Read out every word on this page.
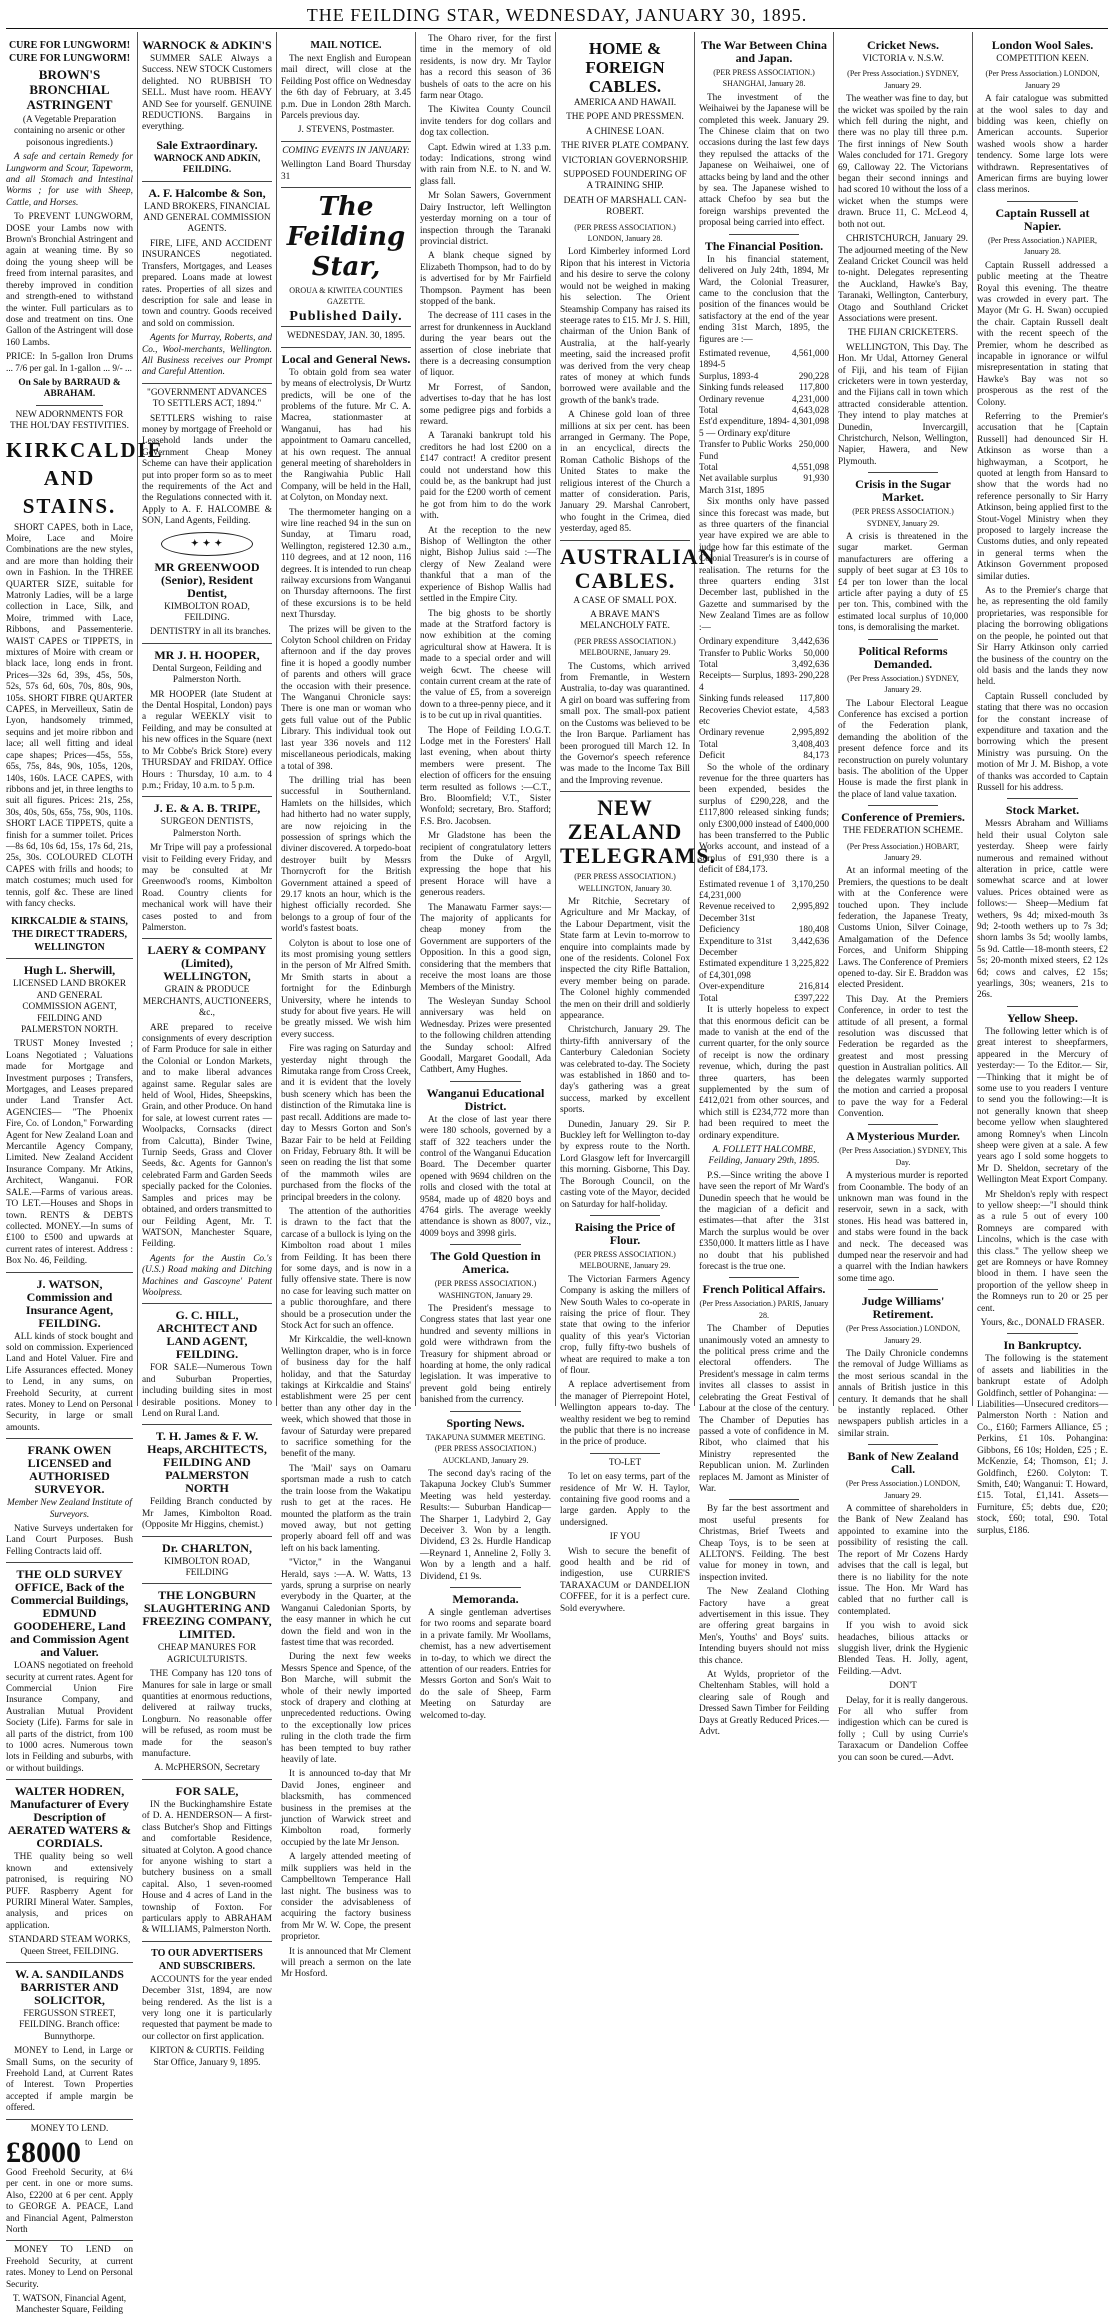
THE FEILDING STAR, WEDNESDAY, JANUARY 30, 1895.

CURE FOR LUNGWORM! CURE FOR LUNGWORM!

BROWN'S BRONCHIAL ASTRINGENT

(A Vegetable Preparation containing no arsenic or other poisonous ingredients.)

A safe and certain Remedy for Lungworm and Scour, Tapeworm, and all Stomach and Intestinal Worms ; for use with Sheep, Cattle, and Horses.

To PREVENT LUNGWORM, DOSE your Lambs now with Brown's Bronchial Astringent and again at weaning time. By so doing the young sheep will be freed from internal parasites, and thereby improved in condition and strength-ened to withstand the winter. Full particulars as to dose and treatment on tins. One Gallon of the Astringent will dose 160 Lambs.

PRICE: In 5-gallon Iron Drums ... 7/6 per gal. In 1-gallon ... 9/- ...

On Sale by BARRAUD & ABRAHAM.

NEW ADORNMENTS FOR THE HOL'DAY FESTIVITIES.

KIRKCALDIE AND STAINS.

SHORT CAPES, both in Lace, Moire, Lace and Moire Combinations are the new styles, and are more than holding their own in Fashion. In the THREE QUARTER SIZE, suitable for Matronly Ladies, will be a large collection in Lace, Silk, and Moire, trimmed with Lace, Ribbons, and Passementerie. WAIST CAPES or TIPPETS, in mixtures of Moire with cream or black lace, long ends in front. Prices—32s 6d, 39s, 45s, 50s, 52s, 57s 6d, 60s, 70s, 80s, 90s, 105s. SHORT FIBRE QUARTER CAPES, in Merveilleux, Satin de Lyon, handsomely trimmed, sequins and jet moire ribbon and lace; all well fitting and ideal cape shapes; Prices—45s, 55s, 65s, 75s, 84s, 90s, 105s, 120s, 140s, 160s. LACE CAPES, with ribbons and jet, in three lengths to suit all figures. Prices: 21s, 25s, 30s, 40s, 50s, 65s, 75s, 90s, 110s. SHORT LACE TIPPETS, quite a finish for a summer toilet. Prices—8s 6d, 10s 6d, 15s, 17s 6d, 21s, 25s, 30s. COLOURED CLOTH CAPES with frills and hoods; to match costumes; much used for tennis, golf &c. These are lined with fancy checks.

KIRKCALDIE & STAINS, THE DIRECT TRADERS, WELLINGTON

Hugh L. Sherwill,

LICENSED LAND BROKER AND GENERAL COMMISSION AGENT, FEILDING AND PALMERSTON NORTH.

TRUST Money Invested ; Loans Negotiated ; Valuations made for Mortgage and Investment purposes ; Transfers, Mortgages, and Leases prepared under Land Transfer Act. AGENCIES— "The Phoenix Fire, Co. of London," Forwarding Agent for New Zealand Loan and Mercantile Agency Company, Limited. New Zealand Accident Insurance Company. Mr Atkins, Architect, Wanganui. FOR SALE.—Farms of various areas. TO LET.—Houses and Shops in town. RENTS & DEBTS collected. MONEY.—In sums of £100 to £500 and upwards at current rates of interest. Address : Box No. 46, Feilding.

J. WATSON, Commission and Insurance Agent, FEILDING.

ALL kinds of stock bought and sold on commission. Experienced Land and Hotel Valuer. Fire and Life Assurances effected. Money to Lend, in any sums, on Freehold Security, at current rates. Money to Lend on Personal Security, in large or small amounts.

FRANK OWEN LICENSED and AUTHORISED SURVEYOR.

Member New Zealand Institute of Surveyors.

Native Surveys undertaken for Land Court Purposes. Bush Felling Contracts laid off.

THE OLD SURVEY OFFICE, Back of the Commercial Buildings, EDMUND GOODEHERE, Land and Commission Agent and Valuer.

LOANS negotiated on freehold security at current rates. Agent for Commercial Union Fire Insurance Company, and Australian Mutual Provident Society (Life). Farms for sale in all parts of the district, from 100 to 1000 acres. Numerous town lots in Feilding and suburbs, with or without buildings.

WALTER HODREN, Manufacturer of Every Description of AERATED WATERS & CORDIALS.

THE quality being so well known and extensively patronised, is requiring NO PUFF. Raspberry Agent for PURIRI Mineral Water. Samples, analysis, and prices on application.

STANDARD STEAM WORKS, Queen Street, FEILDING.

W. A. SANDILANDS BARRISTER AND SOLICITOR,

FERGUSSON STREET, FEILDING. Branch office: Bunnythorpe.

MONEY to Lend, in Large or Small Sums, on the security of Freehold Land, at Current Rates of Interest. Town Properties accepted if ample margin be offered.

MONEY TO LEND.

£8000 to Lend on Good Freehold Security, at 6¼ per cent. in one or more sums. Also, £2200 at 6 per cent. Apply to GEORGE A. PEACE, Land and Financial Agent, Palmerston North

MONEY TO LEND on Freehold Security, at current rates. Money to Lend on Personal Security.

T. WATSON, Financial Agent, Manchester Square, Feilding

WARNOCK & ADKIN'S

SUMMER SALE Always a Success. NEW STOCK Customers delighted. NO RUBBISH TO SELL. Must have room. HEAVY AND See for yourself. GENUINE REDUCTIONS. Bargains in everything.

Sale Extraordinary.

WARNOCK AND ADKIN, FEILDING.

A. F. Halcombe & Son,

LAND BROKERS, FINANCIAL AND GENERAL COMMISSION AGENTS.

FIRE, LIFE, AND ACCIDENT INSURANCES negotiated. Transfers, Mortgages, and Leases prepared. Loans made at lowest rates. Properties of all sizes and description for sale and lease in town and country. Goods received and sold on commission.

Agents for Murray, Roberts, and Co., Wool-merchants, Wellington. All Business receives our Prompt and Careful Attention.

"GOVERNMENT ADVANCES TO SETTLERS ACT, 1894."

SETTLERS wishing to raise money by mortgage of Freehold or Leasehold lands under the Government Cheap Money Scheme can have their application put into proper form so as to meet the requirements of the Act and the Regulations connected with it. Apply to A. F. HALCOMBE & SON, Land Agents, Feilding.

✦ ✦ ✦

MR GREENWOOD (Senior), Resident Dentist,

KIMBOLTON ROAD, FEILDING.

DENTISTRY in all its branches.

MR J. H. HOOPER,

Dental Surgeon, Feilding and Palmerston North.

MR HOOPER (late Student at the Dental Hospital, London) pays a regular WEEKLY visit to Feilding, and may be consulted at his new offices in the Square (next to Mr Cobbe's Brick Store) every THURSDAY and FRIDAY. Office Hours : Thursday, 10 a.m. to 4 p.m.; Friday, 10 a.m. to 5 p.m.

J. E. & A. B. TRIPE,

SURGEON DENTISTS, Palmerston North.

Mr Tripe will pay a professional visit to Feilding every Friday, and may be consulted at Mr Greenwood's rooms, Kimbolton Road. Country clients for mechanical work will have their cases posted to and from Palmerston.

LAERY & COMPANY (Limited), WELLINGTON,

GRAIN & PRODUCE MERCHANTS, AUCTIONEERS, &c.,

ARE prepared to receive consignments of every description of Farm Produce for sale in either the Colonial or London Markets, and to make liberal advances against same. Regular sales are held of Wool, Hides, Sheepskins, Grain, and other Produce. On hand for sale, at lowest current rates — Woolpacks, Cornsacks (direct from Calcutta), Binder Twine, Turnip Seeds, Grass and Clover Seeds, &c. Agents for Gannon's celebrated Farm and Garden Seeds specially packed for the Colonies. Samples and prices may be obtained, and orders transmitted to our Feilding Agent, Mr. T. WATSON, Manchester Square, Feilding.

Agents for the Austin Co.'s (U.S.) Road making and Ditching Machines and Gascoyne' Patent Woolpress.

G. C. HILL, ARCHITECT AND LAND AGENT, FEILDING.

FOR SALE—Numerous Town and Suburban Properties, including building sites in most desirable positions. Money to Lend on Rural Land.

T. H. James & F. W. Heaps, ARCHITECTS, FEILDING AND PALMERSTON NORTH

Feilding Branch conducted by Mr James, Kimbolton Road. (Opposite Mr Higgins, chemist.)

Dr. CHARLTON,

KIMBOLTON ROAD, FEILDING

THE LONGBURN SLAUGHTERING AND FREEZING COMPANY, LIMITED.

CHEAP MANURES FOR AGRICULTURISTS.

THE Company has 120 tons of Manures for sale in large or small quantities at enormous reductions, delivered at railway trucks, Longburn. No reasonable offer will be refused, as room must be made for the season's manufacture.

A. McPHERSON, Secretary

FOR SALE,

IN the Buckinghamshire Estate of D. A. HENDERSON— A first-class Butcher's Shop and Fittings and comfortable Residence, situated at Colyton. A good chance for anyone wishing to start a butchery business on a small capital. Also, 1 seven-roomed House and 4 acres of Land in the township of Foxton. For particulars apply to ABRAHAM & WILLIAMS, Palmerston North.

TO OUR ADVERTISERS AND SUBSCRIBERS.

ACCOUNTS for the year ended December 31st, 1894, are now being rendered. As the list is a very long one it is particularly requested that payment be made to our collector on first application.

KIRTON & CURTIS. Feilding Star Office, January 9, 1895.

MAIL NOTICE.

The next English and European mail direct, will close at the Feilding Post office on Wednesday the 6th day of February, at 3.45 p.m. Due in London 28th March. Parcels previous day.

J. STEVENS, Postmaster.

COMING EVENTS IN JANUARY:

Wellington Land Board Thursday 31

The Feilding Star,

OROUA & KIWITEA COUNTIES GAZETTE.

Published Daily.

WEDNESDAY, JAN. 30, 1895.

Local and General News.

To obtain gold from sea water by means of electrolysis, Dr Wurtz predicts, will be one of the problems of the future. Mr C. A. Macrea, stationmaster at Wanganui, has had his appointment to Oamaru cancelled, at his own request. The annual general meeting of shareholders in the Rangiwahia Public Hall Company, will be held in the Hall, at Colyton, on Monday next.

The thermometer hanging on a wire line reached 94 in the sun on Sunday, at Timaru road, Wellington, registered 12.30 a.m., 110 degrees, and at 12 noon, 116 degrees. It is intended to run cheap railway excursions from Wanganui on Thursday afternoons. The first of these excursions is to be held next Thursday.

The prizes will be given to the Colyton School children on Friday afternoon and if the day proves fine it is hoped a goodly number of parents and others will grace the occasion with their presence. The Wanganui Chronicle says: There is one man or woman who gets full value out of the Public Library. This individual took out last year 336 novels and 112 miscellaneous periodicals, making a total of 398.

The drilling trial has been successful in Southernland. Hamlets on the hillsides, which had hitherto had no water supply, are now rejoicing in the possession of springs which the diviner discovered. A torpedo-boat destroyer built by Messrs Thornycroft for the British Government attained a speed of 29.17 knots an hour, which is the highest officially recorded. She belongs to a group of four of the world's fastest boats.

Colyton is about to lose one of its most promising young settlers in the person of Mr Alfred Smith. Mr Smith starts in about a fortnight for the Edinburgh University, where he intends to study for about five years. He will be greatly missed. We wish him every success.

Fire was raging on Saturday and yesterday night through the Rimutaka range from Cross Creek, and it is evident that the lovely bush scenery which has been the distinction of the Rimutaka line is past recall. Additions are made to-day to Messrs Gorton and Son's Bazar Fair to be held at Feilding on Friday, February 8th. It will be seen on reading the list that some of the mammoth wiles are purchased from the flocks of the principal breeders in the colony.

The attention of the authorities is drawn to the fact that the carcase of a bullock is lying on the Kimbolton road about 1 miles from Feilding. It has been there for some days, and is now in a fully offensive state. There is now no case for leaving such matter on a public thoroughfare, and there should be a prosecution under the Stock Act for such an offence.

Mr Kirkcaldie, the well-known Wellington draper, who is in force of business day for the half holiday, and that the Saturday takings at Kirkcaldie and Stains' establishment were 25 per cent better than any other day in the week, which showed that those in favour of Saturday were prepared to sacrifice something for the benefit of the many.

The 'Mail' says on Oamaru sportsman made a rush to catch the train loose from the Wakatipu rush to get at the races. He mounted the platform as the train moved away, but not getting properly aboard fell off and was left on his back lamenting.

"Victor," in the Wanganui Herald, says :—A. W. Watts, 13 yards, sprung a surprise on nearly everybody in the Quarter, at the Wanganui Caledonian Sports, by the easy manner in which he cut down the field and won in the fastest time that was recorded.

During the next few weeks Messrs Spence and Spence, of the Bon Marche, will submit the whole of their newly imported stock of drapery and clothing at unprecedented reductions. Owing to the exceptionally low prices ruling in the cloth trade the firm has been tempted to buy rather heavily of late.

It is announced to-day that Mr David Jones, engineer and blacksmith, has commenced business in the premises at the junction of Warwick street and Kimbolton road, formerly occupied by the late Mr Jenson.

A largely attended meeting of milk suppliers was held in the Campbelltown Temperance Hall last night. The business was to consider the advisableness of acquiring the factory business from Mr W. W. Cope, the present proprietor.

It is announced that Mr Clement will preach a sermon on the late Mr Hosford.

The Oharo river, for the first time in the memory of old residents, is now dry. Mr Taylor has a record this season of 36 bushels of oats to the acre on his farm near Otago.

The Kiwitea County Council invite tenders for dog collars and dog tax collection.

Capt. Edwin wired at 1.33 p.m. today: Indications, strong wind with rain from N.E. to N. and W. glass fall.

Mr Solan Sawers, Government Dairy Instructor, left Wellington yesterday morning on a tour of inspection through the Taranaki provincial district.

A blank cheque signed by Elizabeth Thompson, had to do by is advertised for by Mr Fairfield Thompson. Payment has been stopped of the bank.

The decrease of 111 cases in the arrest for drunkenness in Auckland during the year bears out the assertion of close inebriate that there is a decreasing consumption of liquor.

Mr Forrest, of Sandon, advertises to-day that he has lost some pedigree pigs and forbids a reward.

A Taranaki bankrupt told his creditors he had lost £200 on a £147 contract! A creditor present could not understand how this could be, as the bankrupt had just paid for the £200 worth of cement he got from him to do the work with.

At the reception to the new Bishop of Wellington the other night, Bishop Julius said :—The clergy of New Zealand were thankful that a man of the experience of Bishop Wallis had settled in the Empire City.

The big ghosts to be shortly made at the Stratford factory is now exhibition at the coming agricultural show at Hawera. It is made to a special order and will weigh 6cwt. The cheese will contain current cream at the rate of the value of £5, from a sovereign down to a three-penny piece, and it is to be cut up in rival quantities.

The Hope of Feilding I.O.G.T. Lodge met in the Foresters' Hall last evening, when about thirty members were present. The election of officers for the ensuing term resulted as follows :—C.T., Bro. Bloomfield; V.T., Sister Wonfold; secretary, Bro. Stafford; F.S. Bro. Jacobsen.

Mr Gladstone has been the recipient of congratulatory letters from the Duke of Argyll, expressing the hope that his present Horace will have a generous readers.

The Manawatu Farmer says:— The majority of applicants for cheap money from the Government are supporters of the Opposition. In this a good sign, considering that the members that receive the most loans are those Members of the Ministry.

The Wesleyan Sunday School anniversary was held on Wednesday. Prizes were presented to the following children attending the Sunday school: Alfred Goodall, Margaret Goodall, Ada Cathbert, Amy Hughes.

Wanganui Educational District.

At the close of last year there were 180 schools, governed by a staff of 322 teachers under the control of the Wanganui Education Board. The December quarter opened with 9694 children on the rolls and closed with the total at 9584, made up of 4820 boys and 4764 girls. The average weekly attendance is shown as 8007, viz., 4009 boys and 3998 girls.

The Gold Question in America.

(PER PRESS ASSOCIATION.) WASHINGTON, January 29.

The President's message to Congress states that last year one hundred and seventy millions in gold were withdrawn from the Treasury for shipment abroad or hoarding at home, the only radical legislation. It was imperative to prevent gold being entirely banished from the currency.

Sporting News.

TAKAPUNA SUMMER MEETING. (PER PRESS ASSOCIATION.) AUCKLAND, January 29.

The second day's racing of the Takapuna Jockey Club's Summer Meeting was held yesterday. Results:— Suburban Handicap—The Sharper 1, Ladybird 2, Gay Deceiver 3. Won by a length. Dividend, £3 2s. Hurdle Handicap—Reynard 1, Anneline 2, Folly 3. Won by a length and a half. Dividend, £1 9s.

Memoranda.

A single gentleman advertises for two rooms and separate board in a private family. Mr Woollams, chemist, has a new advertisement in to-day, to which we direct the attention of our readers. Entries for Messrs Gorton and Son's Wait to do the sale of Sheep, Farm Meeting on Saturday are welcomed to-day.

HOME & FOREIGN CABLES.

AMERICA AND HAWAII.

THE POPE AND PRESSMEN.

A CHINESE LOAN.

THE RIVER PLATE COMPANY.

VICTORIAN GOVERNORSHIP.

SUPPOSED FOUNDERING OF A TRAINING SHIP.

DEATH OF MARSHALL CAN-ROBERT.

(PER PRESS ASSOCIATION.) LONDON, January 28.

Lord Kimberley informed Lord Ripon that his interest in Victoria and his desire to serve the colony would not be weighed in making his selection. The Orient Steamship Company has raised its steerage rates to £15. Mr J. S. Hill, chairman of the Union Bank of Australia, at the half-yearly meeting, said the increased profit was derived from the very cheap rates of money at which funds borrowed were available and the growth of the bank's trade.

A Chinese gold loan of three millions at six per cent. has been arranged in Germany. The Pope, in an encyclical, directs the Roman Catholic Bishops of the United States to make the religious interest of the Church a matter of consideration. Paris, January 29. Marshal Canrobert, who fought in the Crimea, died yesterday, aged 85.

AUSTRALIAN CABLES.

A CASE OF SMALL POX.

A BRAVE MAN'S MELANCHOLY FATE.

(PER PRESS ASSOCIATION.) MELBOURNE, January 29.

The Customs, which arrived from Fremantle, in Western Australia, to-day was quarantined. A girl on board was suffering from small pox. The small-pox patient on the Customs was believed to be the Iron Barque. Parliament has been prorogued till March 12. In the Governor's speech reference was made to the Income Tax Bill and the Improving revenue.

NEW ZEALAND TELEGRAMS.

(PER PRESS ASSOCIATION.) WELLINGTON, January 30.

Mr Ritchie, Secretary of Agriculture and Mr Mackay, of the Labour Department, visit the State farm at Levin to-morrow to enquire into complaints made by one of the residents. Colonel Fox inspected the city Rifle Battalion, every member being on parade. The Colonel highly commended the men on their drill and soldierly appearance.

Christchurch, January 29. The thirty-fifth anniversary of the Canterbury Caledonian Society was celebrated to-day. The Society was established in 1860 and to-day's gathering was a great success, marked by excellent sports.

Dunedin, January 29. Sir P. Buckley left for Wellington to-day by express route to the North. Lord Glasgow left for Invercargill this morning. Gisborne, This Day. The Borough Council, on the casting vote of the Mayor, decided on Saturday for half-holiday.

Raising the Price of Flour.

(PER PRESS ASSOCIATION.) MELBOURNE, January 29.

The Victorian Farmers Agency Company is asking the millers of New South Wales to co-operate in raising the price of flour. They state that owing to the inferior quality of this year's Victorian crop, fully fifty-two bushels of wheat are required to make a ton of flour.

A replace advertisement from the manager of Pierrepoint Hotel, Wellington appears to-day. The wealthy resident we beg to remind the public that there is no increase in the price of produce.

TO-LET

To let on easy terms, part of the residence of Mr W. H. Taylor, containing five good rooms and a large garden. Apply to the undersigned.

IF YOU

Wish to secure the benefit of good health and be rid of indigestion, use CURRIE'S TARAXACUM or DANDELION COFFEE, for it is a perfect cure. Sold everywhere.

The War Between China and Japan.

(PER PRESS ASSOCIATION.) SHANGHAI, January 28.

The investment of the Weihaiwei by the Japanese will be completed this week. January 29. The Chinese claim that on two occasions during the last few days they repulsed the attacks of the Japanese on Weihaiwei, one of attacks being by land and the other by sea. The Japanese wished to attack Chefoo by sea but the foreign warships prevented the proposal being carried into effect.

The Financial Position.

In his financial statement, delivered on July 24th, 1894, Mr Ward, the Colonial Treasurer, came to the conclusion that the position of the finances would be satisfactory at the end of the year ending 31st March, 1895, the figures are :—

Estimated revenue, 1894-5
4,561,000
Surplus, 1893-4	290,228
Sinking funds released 117,800
Ordinary revenue	4,231,000
Total	4,643,028
Est'd expenditure, 1894-5 — Ordinary exp'diture
4,301,098
Transfer to Public Works Fund
250,000
Total	4,551,098
Net available surplus March 31st, 1895
91,930

Six months only have passed since this forecast was made, but as three quarters of the financial year have expired we are able to judge how far this estimate of the Colonial Treasurer's is in course of realisation. The returns for the three quarters ending 31st December last, published in the Gazette and summarised by the New Zealand Times are as follow :—

Ordinary expenditure 3,442,636
Transfer to Public Works 50,000
Total	3,492,636
Receipts— Surplus, 1893-4
290,228
Sinking funds released 117,800
Recoveries Cheviot estate, etc
4,583
Ordinary revenue	2,995,892
Total	3,408,403
Deficit	84,173

So the whole of the ordinary revenue for the three quarters has been expended, besides the surplus of £290,228, and the £117,800 released sinking funds; only £300,000 instead of £400,000 has been transferred to the Public Works account, and instead of a surplus of £91,930 there is a deficit of £84,173.

Estimated revenue 1 of £4,231,000
3,170,250
Revenue received to December 31st
2,995,892
Deficiency	180,408
Expenditure to 31st December
3,442,636
Estimated expenditure 1 of £4,301,098
3,225,822
Over-expenditure	216,814
Total	£397,222

It is utterly hopeless to expect that this enormous deficit can be made to vanish at the end of the current quarter, for the only source of receipt is now the ordinary revenue, which, during the past three quarters, has been supplemented by the sum of £412,021 from other sources, and which still is £234,772 more than had been required to meet the ordinary expenditure.

A. FOLLETT HALCOMBE, Feilding, January 29th, 1895.

P.S.—Since writing the above I have seen the report of Mr Ward's Dunedin speech that he would be the magician of a deficit and estimates—that after the 31st March the surplus would be over £350,000. It matters little as I have no doubt that his published forecast is the true one.

French Political Affairs.

(Per Press Association.) PARIS, January 28.

The Chamber of Deputies unanimously voted an amnesty to the political press crime and the electoral offenders. The President's message in calm terms invites all classes to assist in celebrating the Great Festival of Labour at the close of the century. The Chamber of Deputies has passed a vote of confidence in M. Ribot, who claimed that his Ministry represented the Republican union. M. Zurlinden replaces M. Jamont as Minister of War.

By far the best assortment and most useful presents for Christmas, Brief Tweets and Cheap Toys, is to be seen at ALLTON'S. Feilding. The best value for money in town, and inspection invited.

The New Zealand Clothing Factory have a great advertisement in this issue. They are offering great bargains in Men's, Youths' and Boys' suits. Intending buyers should not miss this chance.

At Wylds, proprietor of the Cheltenham Stables, will hold a clearing sale of Rough and Dressed Sawn Timber for Feilding Days at Greatly Reduced Prices.—Advt.

Cricket News.

VICTORIA v. N.S.W.

(Per Press Association.) SYDNEY, January 29.

The weather was fine to day, but the wicket was spoiled by the rain which fell during the night, and there was no play till three p.m. The first innings of New South Wales concluded for 171. Gregory 69, Calloway 22. The Victorians began their second innings and had scored 10 without the loss of a wicket when the stumps were drawn. Bruce 11, C. McLeod 4, both not out.

CHRISTCHURCH, January 29. The adjourned meeting of the New Zealand Cricket Council was held to-night. Delegates representing the Auckland, Hawke's Bay, Taranaki, Wellington, Canterbury, Otago and Southland Cricket Associations were present.

THE FIJIAN CRICKETERS.

WELLINGTON, This Day. The Hon. Mr Udal, Attorney General of Fiji, and his team of Fijian cricketers were in town yesterday, and the Fijians call in town which attracted considerable attention. They intend to play matches at Dunedin, Invercargill, Christchurch, Nelson, Wellington, Napier, Hawera, and New Plymouth.

Crisis in the Sugar Market.

(PER PRESS ASSOCIATION.) SYDNEY, January 29.

A crisis is threatened in the sugar market. German manufacturers are offering a supply of beet sugar at £3 10s to £4 per ton lower than the local article after paying a duty of £5 per ton. This, combined with the estimated local surplus of 10,000 tons, is demoralising the market.

Political Reforms Demanded.

(Per Press Association.) SYDNEY, January 29.

The Labour Electoral League Conference has excised a portion of the Federation plank, demanding the abolition of the present defence force and its reconstruction on purely voluntary basis. The abolition of the Upper House is made the first plank in the place of land value taxation.

Conference of Premiers.

THE FEDERATION SCHEME.

(Per Press Association.) HOBART, January 29.

At an informal meeting of the Premiers, the questions to be dealt with at the Conference were touched upon. They include federation, the Japanese Treaty, Customs Union, Silver Coinage, Amalgamation of the Defence Forces, and Uniform Shipping Laws. The Conference of Premiers opened to-day. Sir E. Braddon was elected President.

This Day. At the Premiers Conference, in order to test the attitude of all present, a formal resolution was discussed that Federation be regarded as the greatest and most pressing question in Australian politics. All the delegates warmly supported the motion and carried a proposal to pave the way for a Federal Convention.

A Mysterious Murder.

(Per Press Association.) SYDNEY, This Day.

A mysterious murder is reported from Coonamble. The body of an unknown man was found in the reservoir, sewn in a sack, with stones. His head was battered in, and stabs were found in the back and neck. The deceased was dumped near the reservoir and had a quarrel with the Indian hawkers some time ago.

Judge Williams' Retirement.

(Per Press Association.) LONDON, January 29.

The Daily Chronicle condemns the removal of Judge Williams as the most serious scandal in the annals of British justice in this century. It demands that he shall be instantly replaced. Other newspapers publish articles in a similar strain.

Bank of New Zealand Call.

(Per Press Association.) LONDON, January 29.

A committee of shareholders in the Bank of New Zealand has appointed to examine into the possibility of resisting the call. The report of Mr Cozens Hardy advises that the call is legal, but there is no liability for the note issue. The Hon. Mr Ward has cabled that no further call is contemplated.

If you wish to avoid sick headaches, bilious attacks or sluggish liver, drink the Hygienic Blended Teas. H. Jolly, agent, Feilding.—Advt.

DON'T

Delay, for it is really dangerous. For all who suffer from indigestion which can be cured is folly ; Cull by using Currie's Taraxacum or Dandelion Coffee you can soon be cured.—Advt.

London Wool Sales.

COMPETITION KEEN.

(Per Press Association.) LONDON, January 29

A fair catalogue was submitted at the wool sales to day and bidding was keen, chiefly on American accounts. Superior washed wools show a harder tendency. Some large lots were withdrawn. Representatives of American firms are buying lower class merinos.

Captain Russell at Napier.

(Per Press Association.) NAPIER, January 28.

Captain Russell addressed a public meeting at the Theatre Royal this evening. The theatre was crowded in every part. The Mayor (Mr G. H. Swan) occupied the chair. Captain Russell dealt with the recent speech of the Premier, whom he described as incapable in ignorance or wilful misrepresentation in stating that Hawke's Bay was not so prosperous as the rest of the Colony.

Referring to the Premier's accusation that he [Captain Russell] had denounced Sir H. Atkinson as worse than a highwayman, a Scotport, he quoted at length from Hansard to show that the words had no reference personally to Sir Harry Atkinson, being applied first to the Stout-Vogel Ministry when they proposed to largely increase the Customs duties, and only repeated in general terms when the Atkinson Government proposed similar duties.

As to the Premier's charge that he, as representing the old family proprietaries, was responsible for placing the borrowing obligations on the people, he pointed out that Sir Harry Atkinson only carried the business of the country on the old basis and the lands they now held.

Captain Russell concluded by stating that there was no occasion for the constant increase of expenditure and taxation and the borrowing which the present Ministry was pursuing. On the motion of Mr J. M. Bishop, a vote of thanks was accorded to Captain Russell for his address.

Stock Market.

Messrs Abraham and Williams held their usual Colyton sale yesterday. Sheep were fairly numerous and remained without alteration in price, cattle were somewhat scarce and at lower values. Prices obtained were as follows:— Sheep—Medium fat wethers, 9s 4d; mixed-mouth 3s 9d; 2-tooth wethers up to 7s 3d; shorn lambs 3s 5d; woolly lambs, 5s 9d. Cattle—18-month steers, £2 5s; 20-month mixed steers, £2 12s 6d; cows and calves, £2 15s; yearlings, 30s; weaners, 21s to 26s.

Yellow Sheep.

The following letter which is of great interest to sheepfarmers, appeared in the Mercury of yesterday:— To the Editor.— Sir,—Thinking that it might be of some use to you readers I venture to send you the following:—It is not generally known that sheep become yellow when slaughtered among Romney's when Lincoln sheep were given at a sale. A few years ago I sold some hoggets to Mr D. Sheldon, secretary of the Wellington Meat Export Company.

Mr Sheldon's reply with respect to yellow sheep:—"I should think as a rule 5 out of every 100 Romneys are compared with Lincolns, which is the case with this class." The yellow sheep we get are Romneys or have Romney blood in them. I have seen the proportion of the yellow sheep in the Romneys run to 20 or 25 per cent.

Yours, &c., DONALD FRASER.

In Bankruptcy.

The following is the statement of assets and liabilities in the bankrupt estate of Adolph Goldfinch, settler of Pohangina: —Liabilities—Unsecured creditors—Palmerston North : Nation and Co., £160; Farmers Alliance, £5 ; Perkins, £1 10s. Pohangina: Gibbons, £6 10s; Holden, £25 ; E. McKenzie, £4; Thomson, £1; J. Goldfinch, £260. Colyton: T. Smith, £40; Wanganui: T. Howard, £15. Total, £1,141. Assets—Furniture, £5; debts due, £20; stock, £60; total, £90. Total surplus, £186.
